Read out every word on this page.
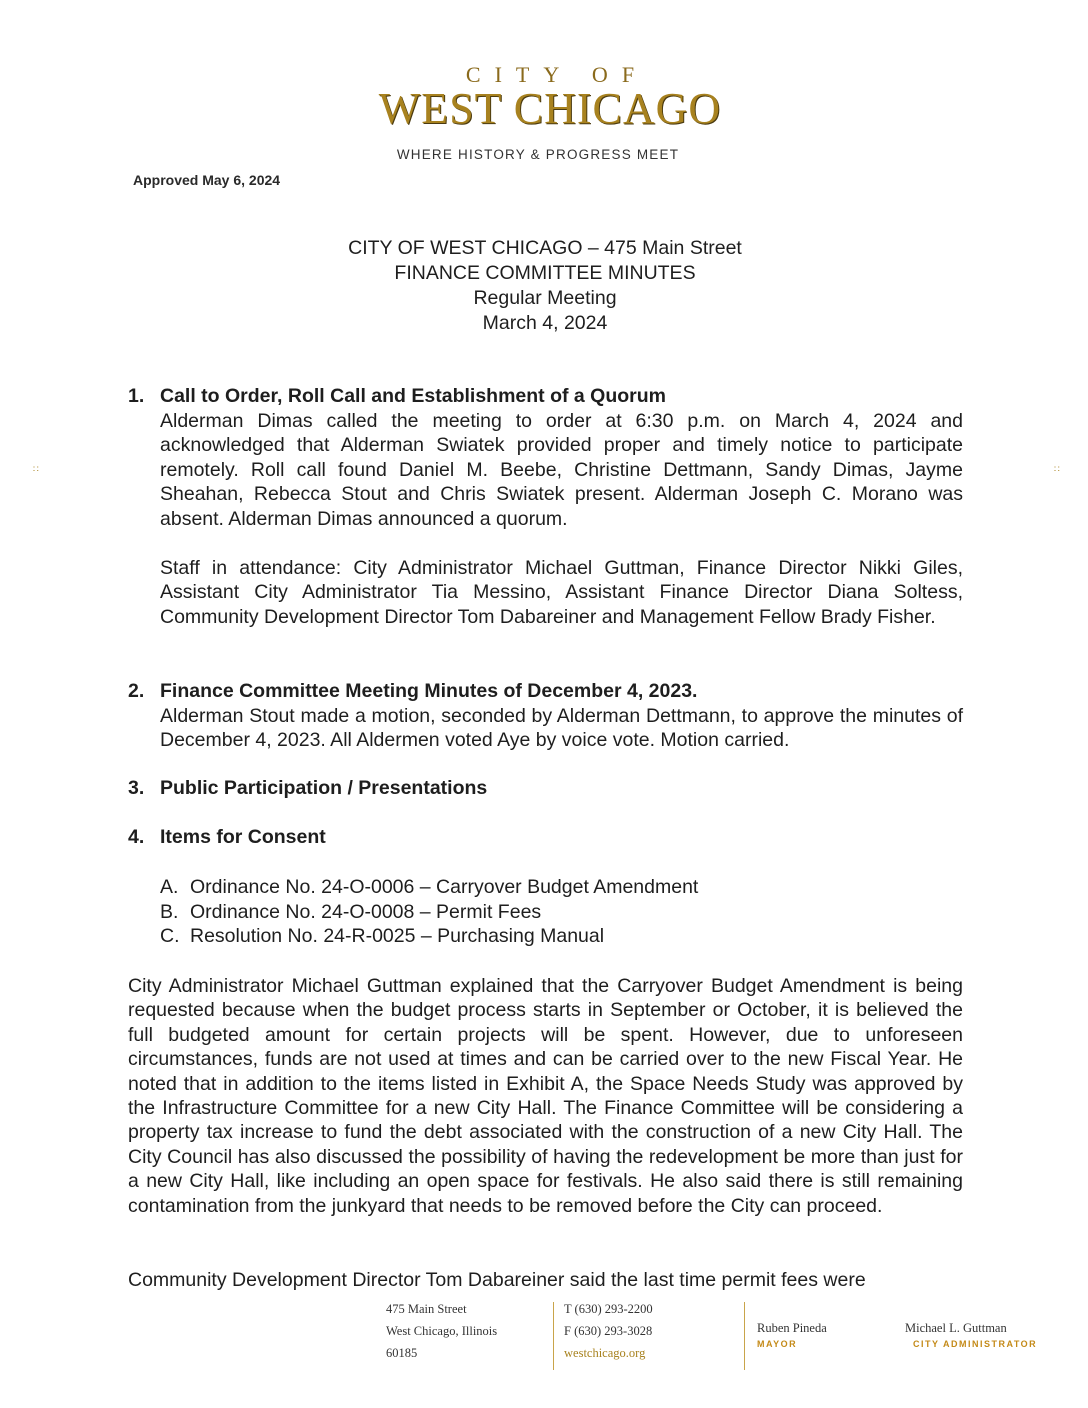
CITY OF
WEST CHICAGO
WHERE HISTORY & PROGRESS MEET
Approved May 6, 2024
CITY OF WEST CHICAGO – 475 Main Street
FINANCE COMMITTEE MINUTES
Regular Meeting
March 4, 2024
1. Call to Order, Roll Call and Establishment of a Quorum
Alderman Dimas called the meeting to order at 6:30 p.m. on March 4, 2024 and acknowledged that Alderman Swiatek provided proper and timely notice to participate remotely. Roll call found Daniel M. Beebe, Christine Dettmann, Sandy Dimas, Jayme Sheahan, Rebecca Stout and Chris Swiatek present. Alderman Joseph C. Morano was absent. Alderman Dimas announced a quorum.
Staff in attendance: City Administrator Michael Guttman, Finance Director Nikki Giles, Assistant City Administrator Tia Messino, Assistant Finance Director Diana Soltess, Community Development Director Tom Dabareiner and Management Fellow Brady Fisher.
∷	∷
2. Finance Committee Meeting Minutes of December 4, 2023.
Alderman Stout made a motion, seconded by Alderman Dettmann, to approve the minutes of December 4, 2023. All Aldermen voted Aye by voice vote. Motion carried.
3. Public Participation / Presentations
4. Items for Consent
A. Ordinance No. 24-O-0006 – Carryover Budget Amendment
B. Ordinance No. 24-O-0008 – Permit Fees
C. Resolution No. 24-R-0025 – Purchasing Manual
City Administrator Michael Guttman explained that the Carryover Budget Amendment is being requested because when the budget process starts in September or October, it is believed the full budgeted amount for certain projects will be spent. However, due to unforeseen circumstances, funds are not used at times and can be carried over to the new Fiscal Year. He noted that in addition to the items listed in Exhibit A, the Space Needs Study was approved by the Infrastructure Committee for a new City Hall. The Finance Committee will be considering a property tax increase to fund the debt associated with the construction of a new City Hall. The City Council has also discussed the possibility of having the redevelopment be more than just for a new City Hall, like including an open space for festivals. He also said there is still remaining contamination from the junkyard that needs to be removed before the City can proceed.
Community Development Director Tom Dabareiner said the last time permit fees were
475 Main Street
West Chicago, Illinois
60185
T (630) 293-2200
F (630) 293-3028
westchicago.org
Ruben Pineda
MAYOR
Michael L. Guttman
CITY ADMINISTRATOR
